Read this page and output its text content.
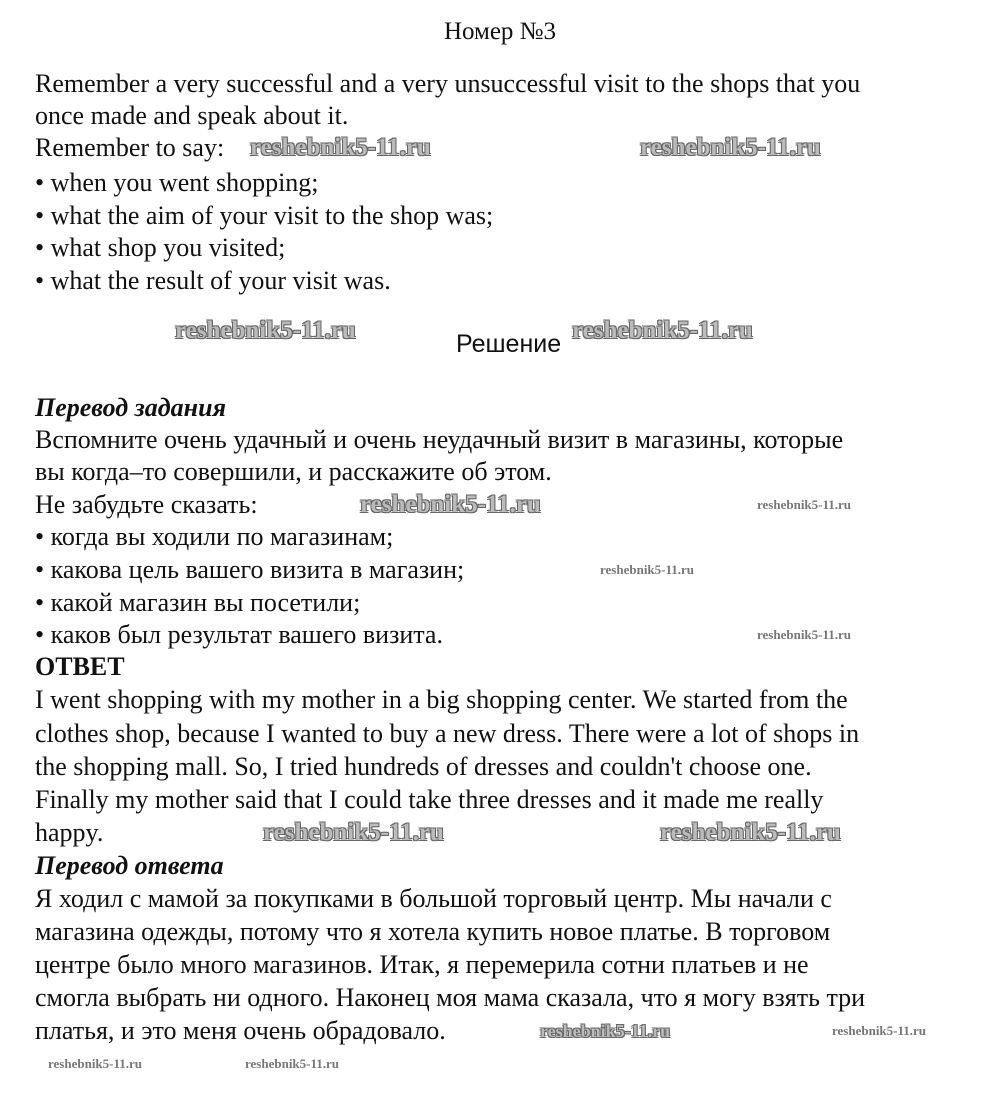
Номер №3
Remember a very successful and a very unsuccessful visit to the shops that you
once made and speak about it.
Remember to say:
• when you went shopping;
• what the aim of your visit to the shop was;
• what shop you visited;
• what the result of your visit was.
Решение
Перевод задания
Вспомните очень удачный и очень неудачный визит в магазины, которые
вы когда–то совершили, и расскажите об этом.
Не забудьте сказать:
• когда вы ходили по магазинам;
• какова цель вашего визита в магазин;
• какой магазин вы посетили;
• каков был результат вашего визита.
ОТВЕТ
I went shopping with my mother in a big shopping center. We started from the
clothes shop, because I wanted to buy a new dress. There were a lot of shops in
the shopping mall. So, I tried hundreds of dresses and couldn't choose one.
Finally my mother said that I could take three dresses and it made me really
happy.
Перевод ответа
Я ходил с мамой за покупками в большой торговый центр. Мы начали с
магазина одежды, потому что я хотела купить новое платье. В торговом
центре было много магазинов. Итак, я перемерила сотни платьев и не
смогла выбрать ни одного. Наконец моя мама сказала, что я могу взять три
платья, и это меня очень обрадовало.
reshebnik5-11.ru	reshebnik5-11.ru
reshebnik5-11.ru	reshebnik5-11.ru
reshebnik5-11.ru
reshebnik5-11.ru	reshebnik5-11.ru
reshebnik5-11.ru
reshebnik5-11.ru
reshebnik5-11.ru
reshebnik5-11.ru	reshebnik5-11.ru
reshebnik5-11.ru	reshebnik5-11.ru
